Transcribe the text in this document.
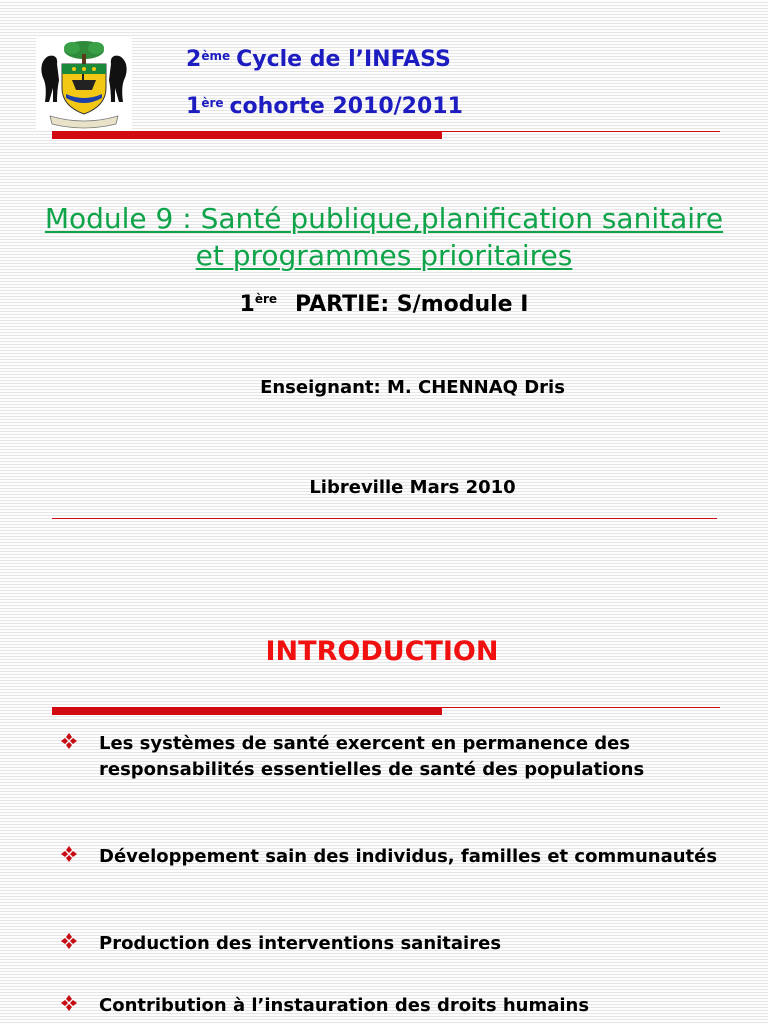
2ème Cycle de l’INFASS
1ère cohorte 2010/2011
Module 9 : Santé publique,planification sanitaire et programmes prioritaires
1ère PARTIE: S/module I
Enseignant: M. CHENNAQ Dris
Libreville Mars 2010
INTRODUCTION
Les systèmes de santé exercent en permanence des responsabilités essentielles de santé des populations
Développement sain des individus, familles et communautés
Production des interventions sanitaires
Contribution à l’instauration des droits humains
